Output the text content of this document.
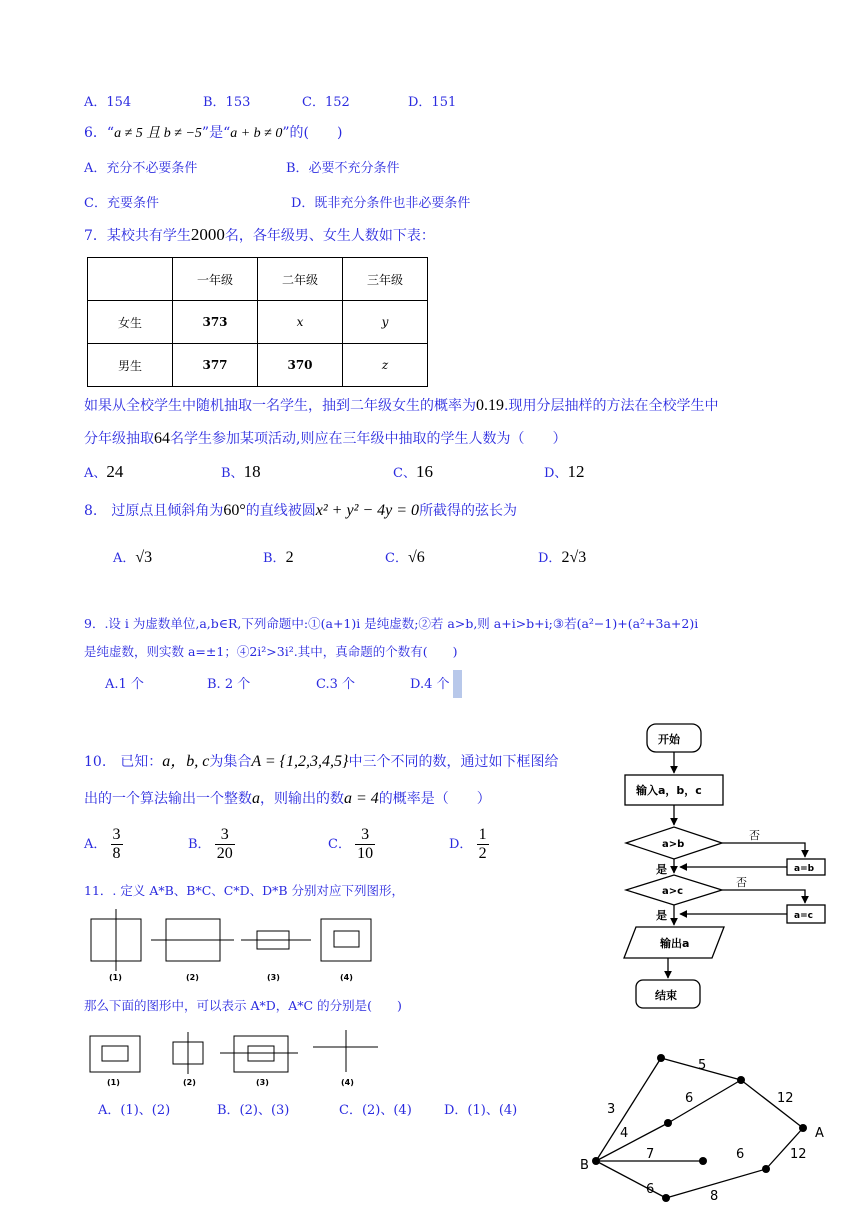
A．154	B．153	C．152	D．151
6．“a ≠ 5 且 b ≠ −5”是“a + b ≠ 0”的(　　)
A．充分不必要条件	B．必要不充分条件
C．充要条件	D．既非充分条件也非必要条件
7．某校共有学生2000名，各年级男、女生人数如下表：
	一年级	二年级	三年级
女生	373	x	y
男生	377	370	z
如果从全校学生中随机抽取一名学生，抽到二年级女生的概率为0.19.现用分层抽样的方法在全校学生中
分年级抽取64名学生参加某项活动,则应在三年级中抽取的学生人数为（　　）
A、24	B、18	C、16	D、12
8.　过原点且倾斜角为60°的直线被圆x² + y² − 4y = 0所截得的弦长为
A．√3	B．2	C．√6	D．2√3
9．.设 i 为虚数单位,a,b∈R,下列命题中:①(a+1)i 是纯虚数;②若 a>b,则 a+i>b+i;③若(a²−1)+(a²+3a+2)i
是纯虚数，则实数 a=±1；④2i²>3i².其中，真命题的个数有(　　)
A.1 个	B. 2 个	C.3 个	D.4 个
10.　已知：a，b, c为集合A = {1,2,3,4,5}中三个不同的数，通过如下框图给
出的一个算法输出一个整数a，则输出的数a = 4的概率是（　　）
A． $\frac{3}{8}$	B． $\frac{3}{20}$	C． $\frac{3}{10}$	D． $\frac{1}{2}$
11．. 定义 A*B、B*C、C*D、D*B 分别对应下列图形，
(1)	(2)	(3)	(4)
那么下面的图形中，可以表示 A*D，A*C 的分别是(　　)
(1)	(2)	(3)	(4)
A．(1)、(2)	B．(2)、(3)	C．(2)、(4) D．(1)、(4)
开始
输入a，b，c
a>b
否
a=b
是
a>c
否
a=c
是
输出a
结束
B
A
5
6	12
3
4
7	6	12
6	8
